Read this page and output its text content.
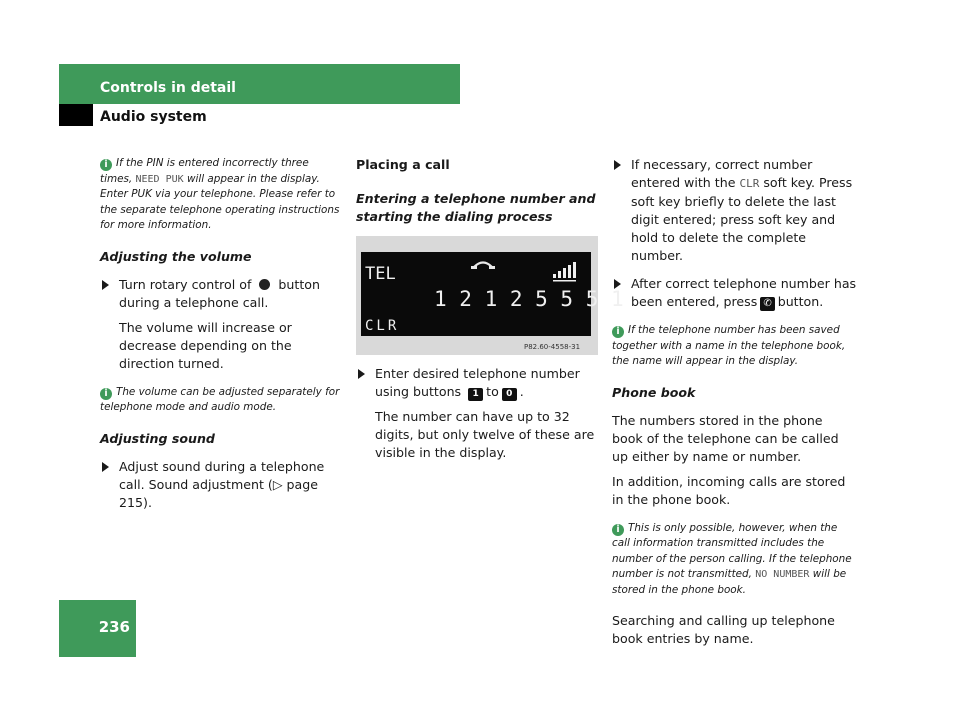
Controls in detail
Audio system
i If the PIN is entered incorrectly three times, NEED PUK will appear in the display. Enter PUK via your telephone. Please refer to the separate telephone operating instructions for more information.
Adjusting the volume
Turn rotary control of button during a telephone call.

The volume will increase or decrease depending on the direction turned.

i The volume can be adjusted separately for telephone mode and audio mode.
Adjusting sound
Adjust sound during a telephone call. Sound adjustment (▷ page 215).
Placing a call
Entering a telephone number and starting the dialing process
TEL
1 2 1 2 5 5 5 1
CLR
P82.60-4558-31
Enter desired telephone number using buttons 1 to 0 .

The number can have up to 32 digits, but only twelve of these are visible in the display.

If necessary, correct number entered with the CLR soft key. Press soft key briefly to delete the last digit entered; press soft key and hold to delete the complete number.
After correct telephone number has been entered, press ✆ button.
i If the telephone number has been saved together with a name in the telephone book, the name will appear in the display.
Phone book

The numbers stored in the phone book of the telephone can be called up either by name or number.

In addition, incoming calls are stored in the phone book.

i This is only possible, however, when the call information transmitted includes the number of the person calling. If the telephone number is not transmitted, NO NUMBER will be stored in the phone book.

Searching and calling up telephone book entries by name.

236
